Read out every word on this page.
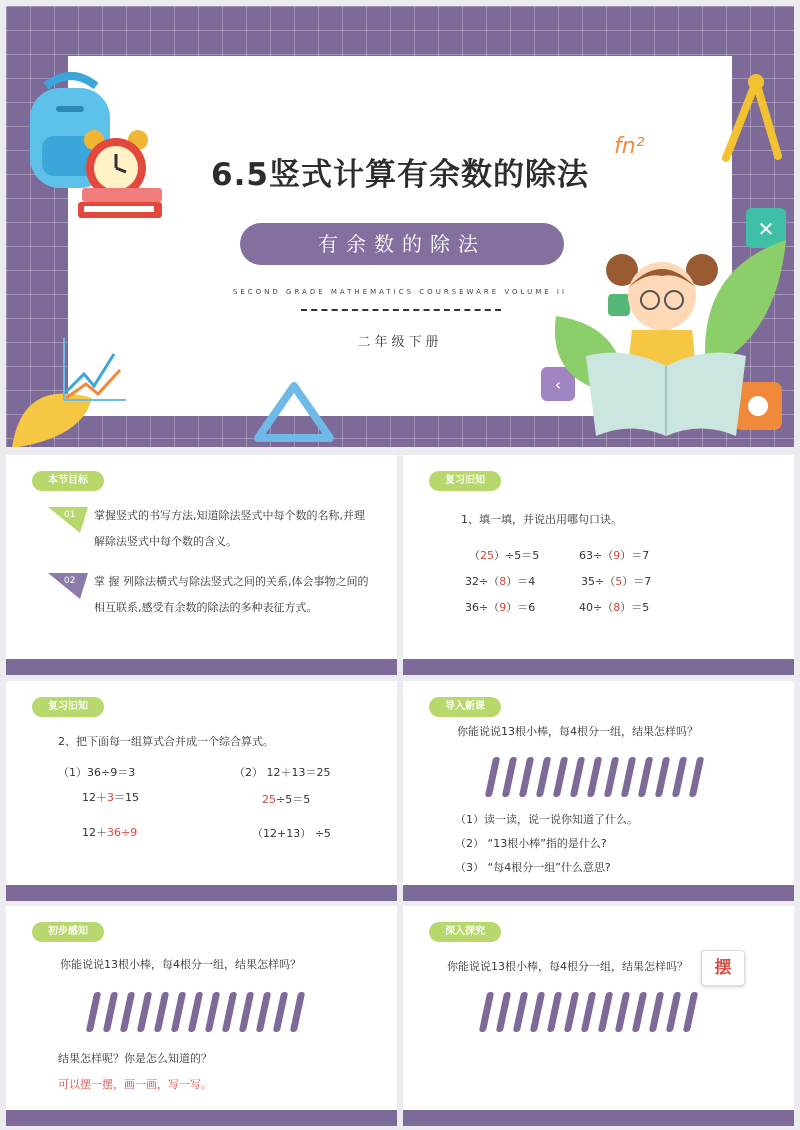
6.5竖式计算有余数的除法
fn²
有余数的除法
SECOND GRADE MATHEMATICS COURSEWARE VOLUME II
二年级下册
✕
‹
本节目标
01 掌握竖式的书写方法,知道除法竖式中每个数的名称,并理
解除法竖式中每个数的含义。
02 掌 握 列除法横式与除法竖式之间的关系,体会事物之间的
相互联系,感受有余数的除法的多种表征方式。
复习旧知
1、填一填，并说出用哪句口诀。
（25）÷5＝5	63÷（9）＝7
32÷（8）＝4	35÷（5）＝7
36÷（9）＝6	40÷（8）＝5
复习旧知
2、把下面每一组算式合并成一个综合算式。
（1）36÷9＝3
12＋3＝15
12＋36÷9
（2） 12＋13＝25
25÷5＝5
（12+13） ÷5
导入新课
你能说说13根小棒，每4根分一组，结果怎样吗？
（1）读一读，说一说你知道了什么。
（2） “13根小棒”指的是什么?
（3） “每4根分一组”什么意思?
初步感知
你能说说13根小棒，每4根分一组，结果怎样吗？
结果怎样呢？你是怎么知道的？
可以摆一摆，画一画，写一写。
深入探究
你能说说13根小棒，每4根分一组，结果怎样吗？	摆
